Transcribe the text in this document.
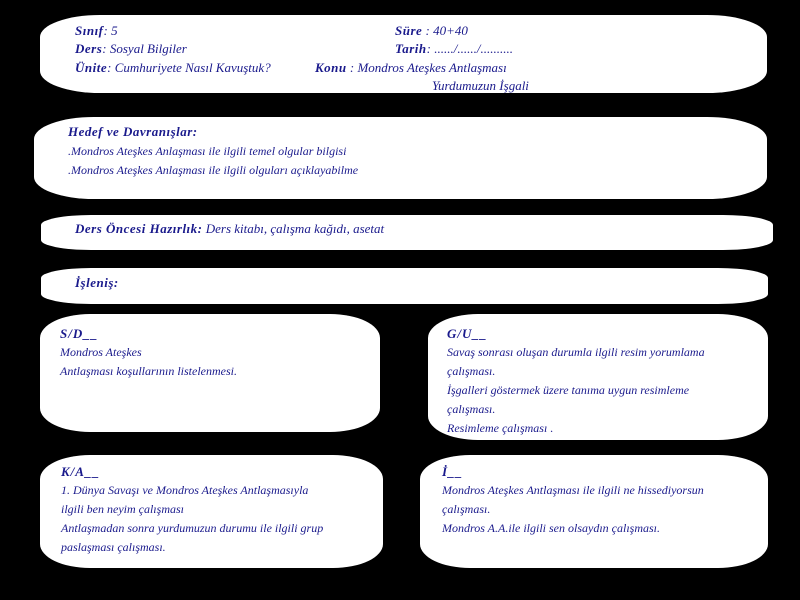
Sınıf: 5	Süre : 40+40
Ders: Sosyal Bilgiler	Tarih: ....../....../..........
Ünite: Cumhuriyete Nasıl Kavuştuk?	Konu : Mondros Ateşkes Antlaşması
Yurdumuzun İşgali
Hedef ve Davranışlar:
.Mondros Ateşkes Anlaşması ile ilgili temel olgular bilgisi
.Mondros Ateşkes Anlaşması ile ilgili olguları açıklayabilme
Ders Öncesi Hazırlık: Ders kitabı, çalışma kağıdı, asetat
İşleniş:
S/D__
Mondros Ateşkes
Antlaşması koşullarının listelenmesi.
G/U__
Savaş sonrası oluşan durumla ilgili resim yorumlama
çalışması.
İşgalleri göstermek üzere tanıma uygun resimleme
çalışması.
Resimleme çalışması .
K/A__
1. Dünya Savaşı ve Mondros Ateşkes Antlaşmasıyla
ilgili ben neyim çalışması
Antlaşmadan sonra yurdumuzun durumu ile ilgili grup
paslaşması çalışması.
İ__
Mondros Ateşkes Antlaşması ile ilgili ne hissediyorsun
çalışması.
Mondros A.A.ile ilgili sen olsaydın çalışması.
